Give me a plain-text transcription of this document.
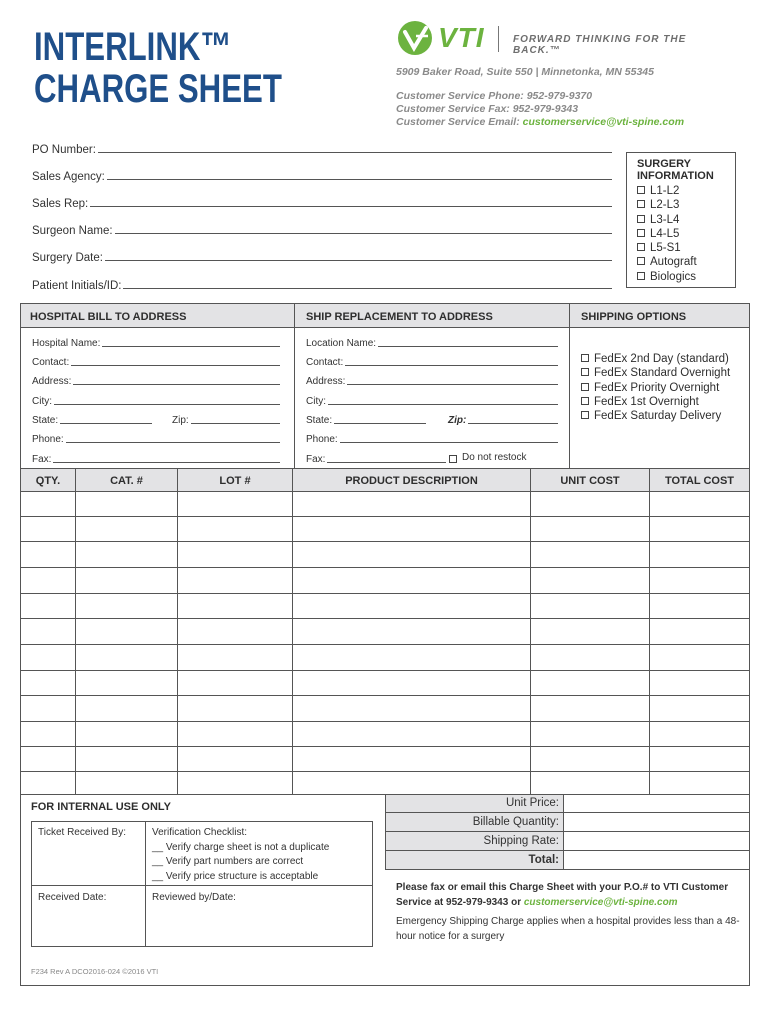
INTERLINK™
CHARGE SHEET
VTI	FORWARD THINKING FOR THE BACK.™
5909 Baker Road, Suite 550 | Minnetonka, MN 55345
Customer Service Phone: 952-979-9370
Customer Service Fax: 952-979-9343
Customer Service Email: customerservice@vti-spine.com
PO Number:
Sales Agency:
Sales Rep:
Surgeon Name:
Surgery Date:
Patient Initials/ID:
SURGERY
INFORMATION
L1-L2
L2-L3
L3-L4
L4-L5
L5-S1
Autograft
Biologics
HOSPITAL BILL TO ADDRESS	SHIP REPLACEMENT TO ADDRESS	SHIPPING OPTIONS
Hospital Name:
Contact:
Address:
City:
State:	Zip:
Phone:
Fax:
Location Name:
Contact:
Address:
City:
State:	Zip:
Phone:
Fax:	Do not restock
FedEx 2nd Day (standard)
FedEx Standard Overnight
FedEx Priority Overnight
FedEx 1st Overnight
FedEx Saturday Delivery
QTY.	CAT. #	LOT #	PRODUCT DESCRIPTION	UNIT COST	TOTAL COST
Unit Price:
Billable Quantity:
Shipping Rate:
Total:
FOR INTERNAL USE ONLY
Ticket Received By:	Verification Checklist:
__ Verify charge sheet is not a duplicate
__ Verify part numbers are correct
__ Verify price structure is acceptable
Received Date:	Reviewed by/Date:
Please fax or email this Charge Sheet with your P.O.# to VTI Customer Service at 952-979-9343 or customerservice@vti-spine.com
Emergency Shipping Charge applies when a hospital provides less than a 48-hour notice for a surgery
F234 Rev A DCO2016-024 ©2016 VTI
